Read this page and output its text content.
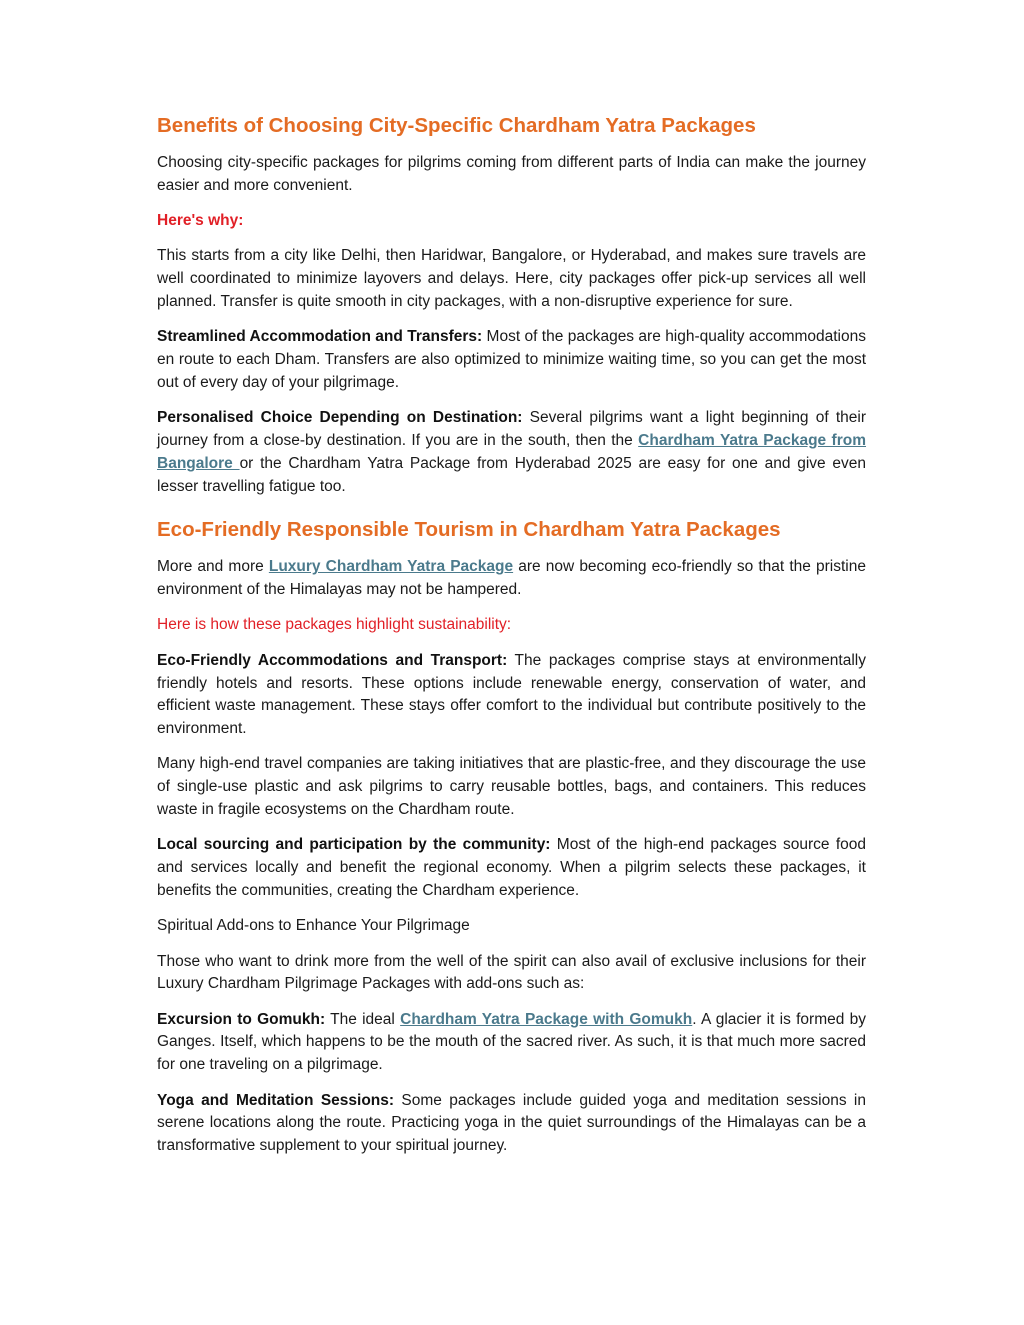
Benefits of Choosing City-Specific Chardham Yatra Packages

Choosing city-specific packages for pilgrims coming from different parts of India can make the journey easier and more convenient.

Here's why:

This starts from a city like Delhi, then Haridwar, Bangalore, or Hyderabad, and makes sure travels are well coordinated to minimize layovers and delays. Here, city packages offer pick-up services all well planned. Transfer is quite smooth in city packages, with a non-disruptive experience for sure.

Streamlined Accommodation and Transfers: Most of the packages are high-quality accommodations en route to each Dham. Transfers are also optimized to minimize waiting time, so you can get the most out of every day of your pilgrimage.

Personalised Choice Depending on Destination: Several pilgrims want a light beginning of their journey from a close-by destination. If you are in the south, then the Chardham Yatra Package from Bangalore or the Chardham Yatra Package from Hyderabad 2025 are easy for one and give even lesser travelling fatigue too.

Eco-Friendly Responsible Tourism in Chardham Yatra Packages

More and more Luxury Chardham Yatra Package are now becoming eco-friendly so that the pristine environment of the Himalayas may not be hampered.

Here is how these packages highlight sustainability:

Eco-Friendly Accommodations and Transport: The packages comprise stays at environmentally friendly hotels and resorts. These options include renewable energy, conservation of water, and efficient waste management. These stays offer comfort to the individual but contribute positively to the environment.

Many high-end travel companies are taking initiatives that are plastic-free, and they discourage the use of single-use plastic and ask pilgrims to carry reusable bottles, bags, and containers. This reduces waste in fragile ecosystems on the Chardham route.

Local sourcing and participation by the community: Most of the high-end packages source food and services locally and benefit the regional economy. When a pilgrim selects these packages, it benefits the communities, creating the Chardham experience.

Spiritual Add-ons to Enhance Your Pilgrimage

Those who want to drink more from the well of the spirit can also avail of exclusive inclusions for their Luxury Chardham Pilgrimage Packages with add-ons such as:

Excursion to Gomukh: The ideal Chardham Yatra Package with Gomukh. A glacier it is formed by Ganges. Itself, which happens to be the mouth of the sacred river. As such, it is that much more sacred for one traveling on a pilgrimage.

Yoga and Meditation Sessions: Some packages include guided yoga and meditation sessions in serene locations along the route. Practicing yoga in the quiet surroundings of the Himalayas can be a transformative supplement to your spiritual journey.
